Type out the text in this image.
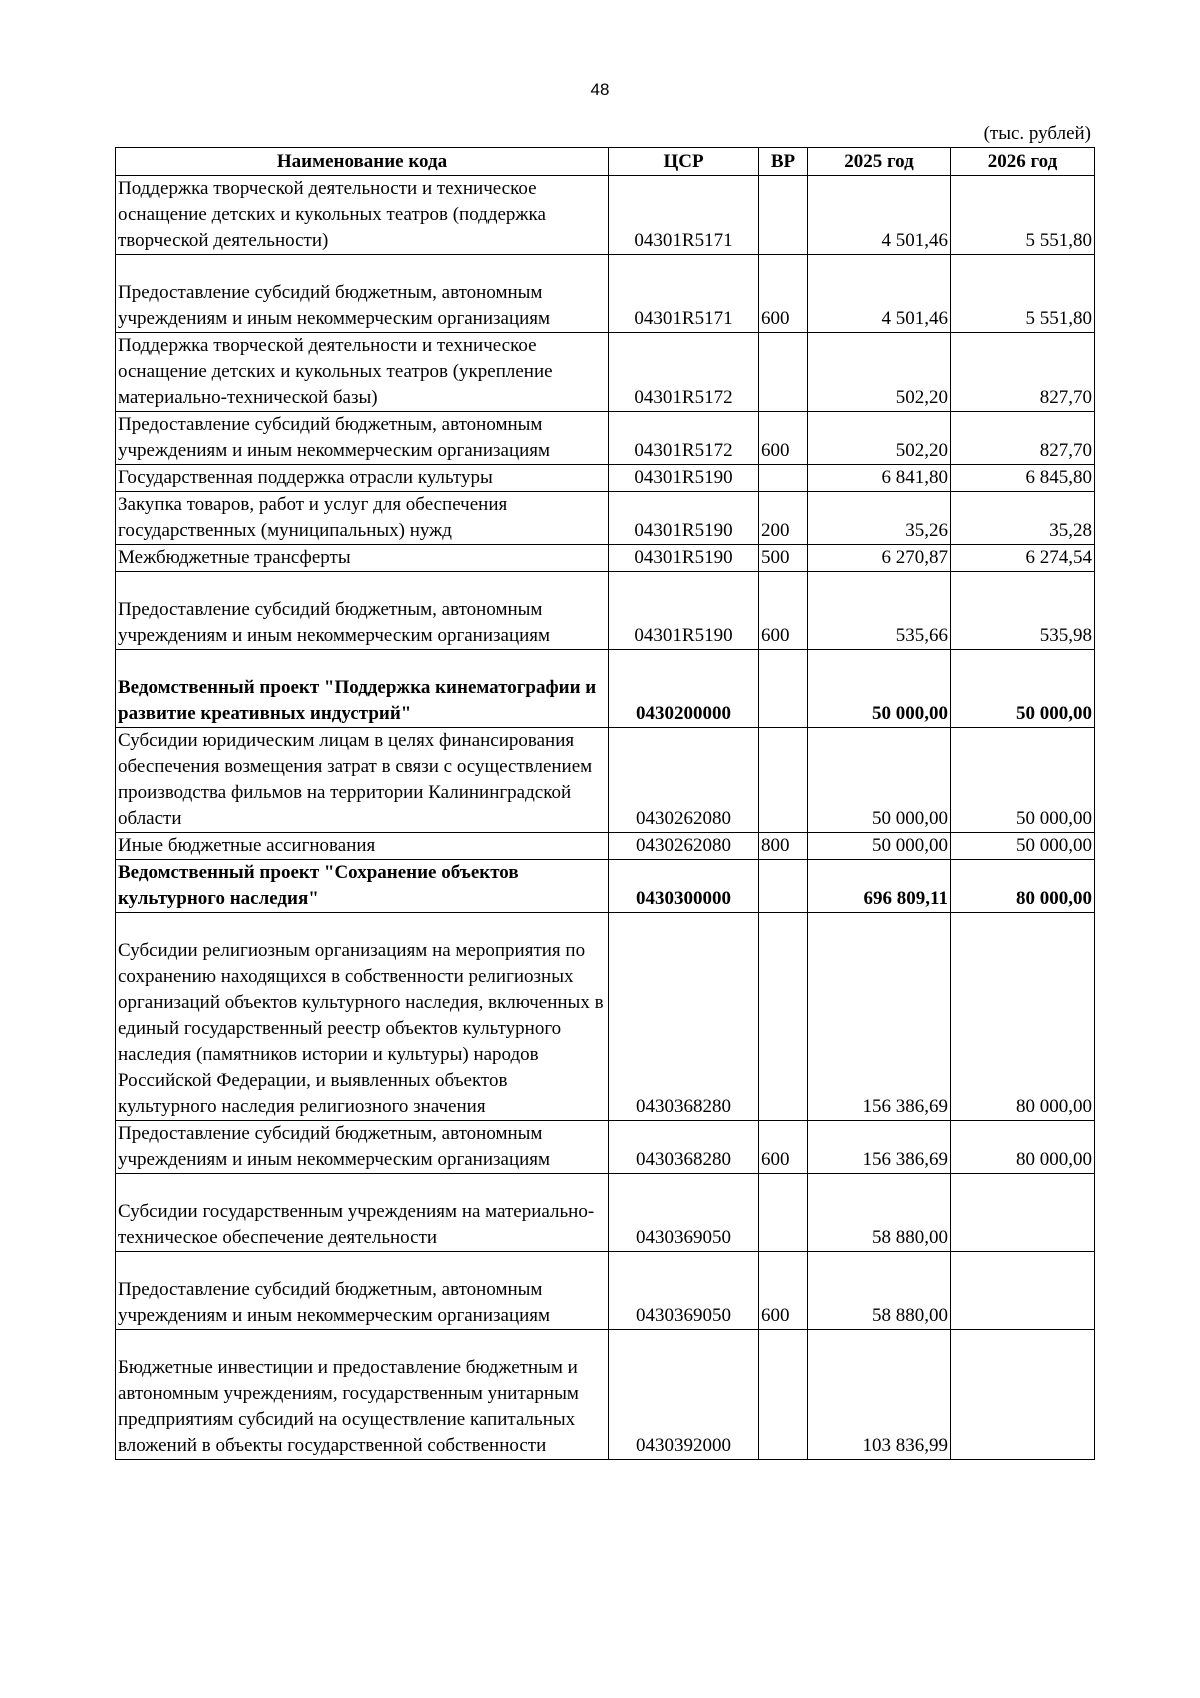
48
(тыс. рублей)
Наименование кода	ЦСР	ВР	2025 год	2026 год
Поддержка творческой деятельности и техническое оснащение детских и кукольных театров (поддержка творческой деятельности)	04301R5171		4 501,46	5 551,80
Предоставление субсидий бюджетным, автономным учреждениям и иным некоммерческим организациям	04301R5171	600	4 501,46	5 551,80
Поддержка творческой деятельности и техническое оснащение детских и кукольных театров (укрепление материально-технической базы)	04301R5172		502,20	827,70
Предоставление субсидий бюджетным, автономным учреждениям и иным некоммерческим организациям	04301R5172	600	502,20	827,70
Государственная поддержка отрасли культуры	04301R5190		6 841,80	6 845,80
Закупка товаров, работ и услуг для обеспечения государственных (муниципальных) нужд	04301R5190	200	35,26	35,28
Межбюджетные трансферты	04301R5190	500	6 270,87	6 274,54
Предоставление субсидий бюджетным, автономным учреждениям и иным некоммерческим организациям	04301R5190	600	535,66	535,98
Ведомственный проект "Поддержка кинематографии и развитие креативных индустрий"	0430200000		50 000,00	50 000,00
Субсидии юридическим лицам в целях финансирования обеспечения возмещения затрат в связи с осуществлением производства фильмов на территории Калининградской области	0430262080		50 000,00	50 000,00
Иные бюджетные ассигнования	0430262080	800	50 000,00	50 000,00
Ведомственный проект "Сохранение объектов культурного наследия"	0430300000		696 809,11	80 000,00
Субсидии религиозным организациям на мероприятия по сохранению находящихся в собственности религиозных организаций объектов культурного наследия, включенных в единый государственный реестр объектов культурного наследия (памятников истории и культуры) народов Российской Федерации, и выявленных объектов культурного наследия религиозного значения	0430368280		156 386,69	80 000,00
Предоставление субсидий бюджетным, автономным учреждениям и иным некоммерческим организациям	0430368280	600	156 386,69	80 000,00
Субсидии государственным учреждениям на материально-техническое обеспечение деятельности	0430369050		58 880,00	
Предоставление субсидий бюджетным, автономным учреждениям и иным некоммерческим организациям	0430369050	600	58 880,00	
Бюджетные инвестиции и предоставление бюджетным и автономным учреждениям, государственным унитарным предприятиям субсидий на осуществление капитальных вложений в объекты государственной собственности	0430392000		103 836,99	
